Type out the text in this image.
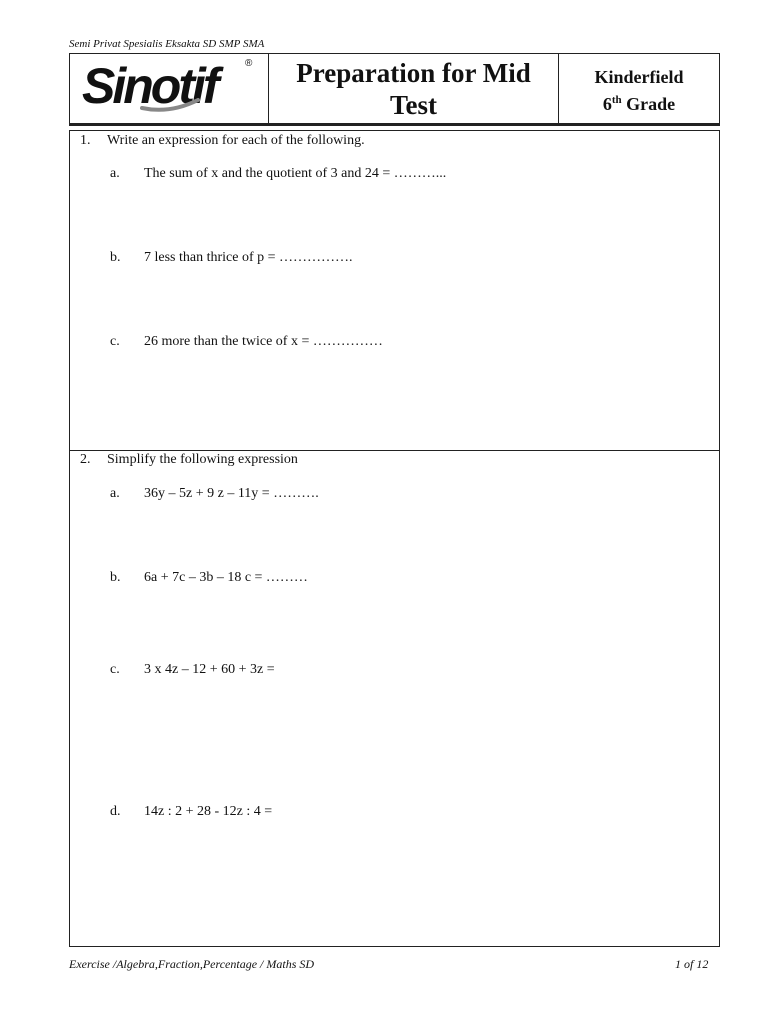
Semi Privat Spesialis Eksakta SD SMP SMA
Sinotif	®	Preparation for Mid
Test
Kinderfield
6th Grade
1. Write an expression for each of the following.
a. The sum of x and the quotient of 3 and 24 = ………...
b. 7 less than thrice of p = …………….
c. 26 more than the twice of x = ……………
2. Simplify the following expression
a. 36y – 5z + 9 z – 11y = ……….
b. 6a + 7c – 3b – 18 c = ………
c. 3 x 4z – 12 + 60 + 3z =
d. 14z : 2 + 28 - 12z : 4 =
Exercise /Algebra,Fraction,Percentage / Maths SD	1 of 12
